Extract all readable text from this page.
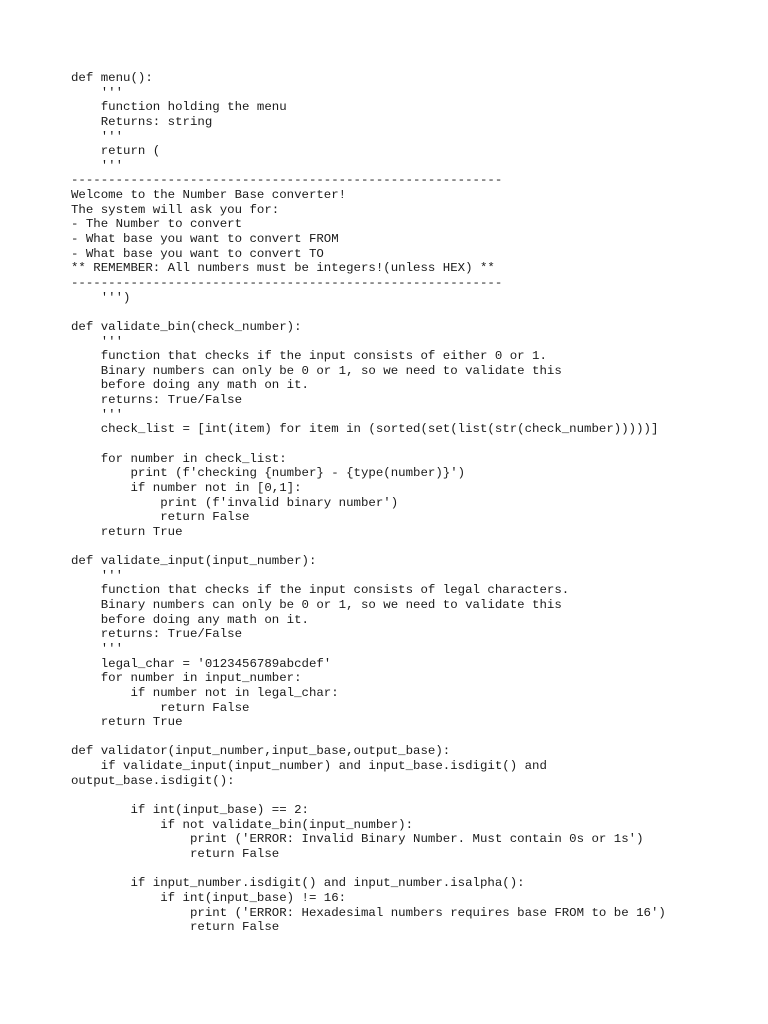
def menu():
'''
function holding the menu
Returns: string
'''
return (
'''
----------------------------------------------------------
Welcome to the Number Base converter!
The system will ask you for:
- The Number to convert
- What base you want to convert FROM
- What base you want to convert TO
** REMEMBER: All numbers must be integers!(unless HEX) **
----------------------------------------------------------
''')
def validate_bin(check_number):
'''
function that checks if the input consists of either 0 or 1.
Binary numbers can only be 0 or 1, so we need to validate this
before doing any math on it.
returns: True/False
'''
check_list = [int(item) for item in (sorted(set(list(str(check_number)))))]
for number in check_list:
print (f'checking {number} - {type(number)}')
if number not in [0,1]:
print (f'invalid binary number')
return False
return True
def validate_input(input_number):
'''
function that checks if the input consists of legal characters.
Binary numbers can only be 0 or 1, so we need to validate this
before doing any math on it.
returns: True/False
'''
legal_char = '0123456789abcdef'
for number in input_number:
if number not in legal_char:
return False
return True
def validator(input_number,input_base,output_base):
if validate_input(input_number) and input_base.isdigit() and
output_base.isdigit():
if int(input_base) == 2:
if not validate_bin(input_number):
print ('ERROR: Invalid Binary Number. Must contain 0s or 1s')
return False
if input_number.isdigit() and input_number.isalpha():
if int(input_base) != 16:
print ('ERROR: Hexadesimal numbers requires base FROM to be 16')
return False
